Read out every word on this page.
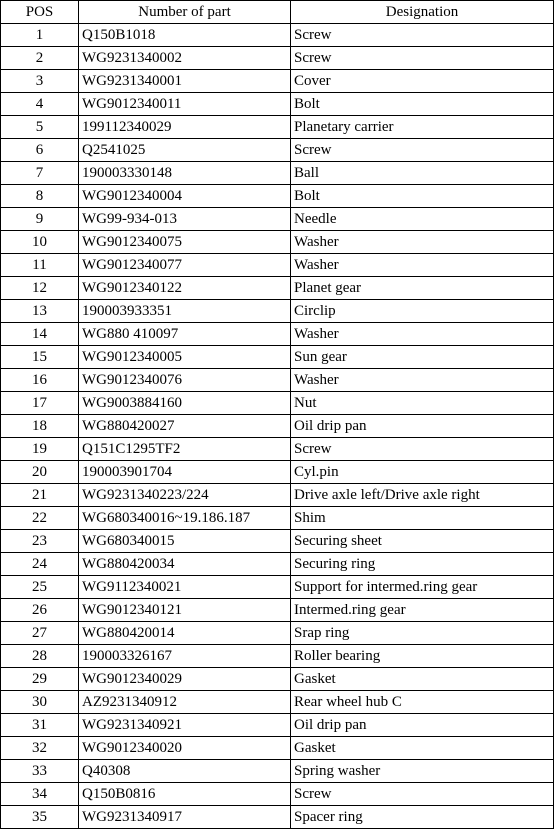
POS	Number of part	Designation
1	Q150B1018	Screw
2	WG9231340002	Screw
3	WG9231340001	Cover
4	WG9012340011	Bolt
5	199112340029	Planetary carrier
6	Q2541025	Screw
7	190003330148	Ball
8	WG9012340004	Bolt
9	WG99-934-013	Needle
10	WG9012340075	Washer
11	WG9012340077	Washer
12	WG9012340122	Planet gear
13	190003933351	Circlip
14	WG880 410097	Washer
15	WG9012340005	Sun gear
16	WG9012340076	Washer
17	WG9003884160	Nut
18	WG880420027	Oil drip pan
19	Q151C1295TF2	Screw
20	190003901704	Cyl.pin
21	WG9231340223/224	Drive axle left/Drive axle right
22	WG680340016~19.186.187	Shim
23	WG680340015	Securing sheet
24	WG880420034	Securing ring
25	WG9112340021	Support for intermed.ring gear
26	WG9012340121	Intermed.ring gear
27	WG880420014	Srap ring
28	190003326167	Roller bearing
29	WG9012340029	Gasket
30	AZ9231340912	Rear wheel hub C
31	WG9231340921	Oil drip pan
32	WG9012340020	Gasket
33	Q40308	Spring washer
34	Q150B0816	Screw
35	WG9231340917	Spacer ring
